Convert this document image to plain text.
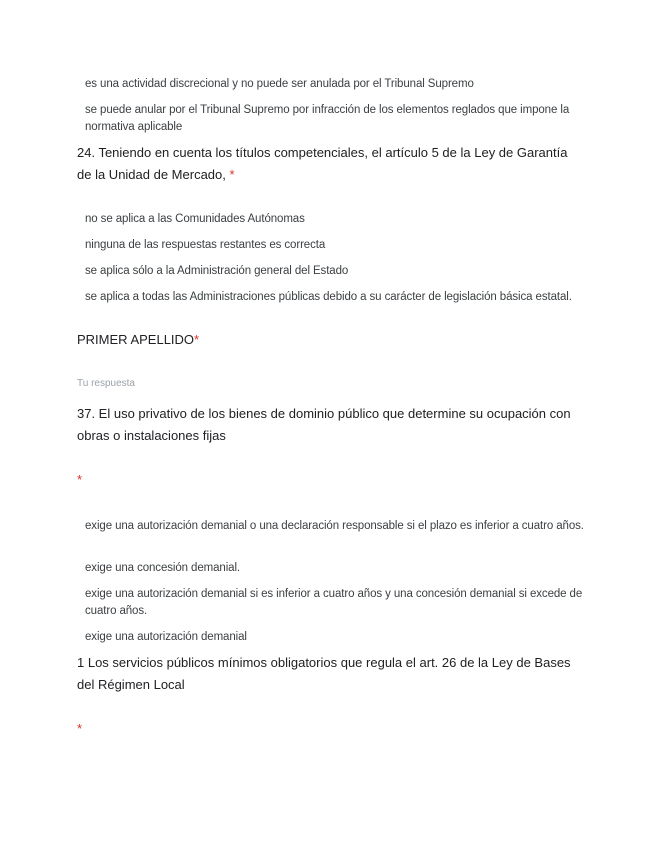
es una actividad discrecional y no puede ser anulada por el Tribunal Supremo
se puede anular por el Tribunal Supremo por infracción de los elementos reglados que impone la normativa aplicable
24. Teniendo en cuenta los títulos competenciales, el artículo 5 de la Ley de Garantía de la Unidad de Mercado, *
no se aplica a las Comunidades Autónomas
ninguna de las respuestas restantes es correcta
se aplica sólo a la Administración general del Estado
se aplica a todas las Administraciones públicas debido a su carácter de legislación básica estatal.
PRIMER APELLIDO*
Tu respuesta
37. El uso privativo de los bienes de dominio público que determine su ocupación con obras o instalaciones fijas
*
exige una autorización demanial o una declaración responsable si el plazo es inferior a cuatro años.
exige una concesión demanial.
exige una autorización demanial si es inferior a cuatro años y una concesión demanial si excede de cuatro años.
exige una autorización demanial
1 Los servicios públicos mínimos obligatorios que regula el art. 26 de la Ley de Bases del Régimen Local
*
